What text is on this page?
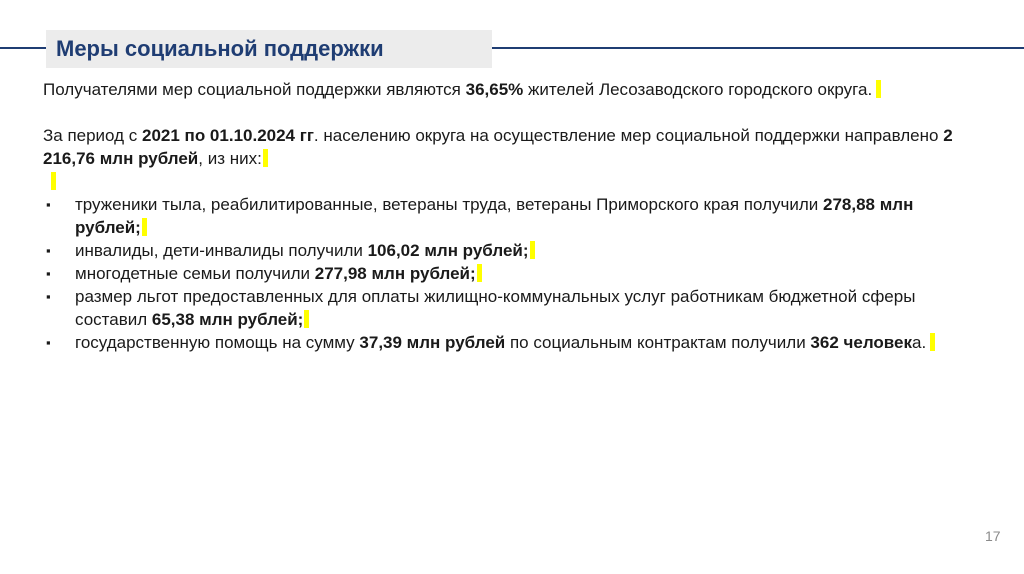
Меры социальной поддержки

Получателями мер социальной поддержки являются 36,65% жителей Лесозаводского городского округа.

За период с 2021 по 01.10.2024 гг. населению округа на осуществление мер социальной поддержки направлено 2 216,76 млн рублей, из них:

▪ труженики тыла, реабилитированные, ветераны труда, ветераны Приморского края получили 278,88 млн рублей;
▪ инвалиды, дети-инвалиды получили 106,02 млн рублей;
▪ многодетные семьи получили 277,98 млн рублей;
▪ размер льгот предоставленных для оплаты жилищно-коммунальных услуг работникам бюджетной сферы составил 65,38 млн рублей;
▪ государственную помощь на сумму 37,39 млн рублей по социальным контрактам получили 362 человека.
17
